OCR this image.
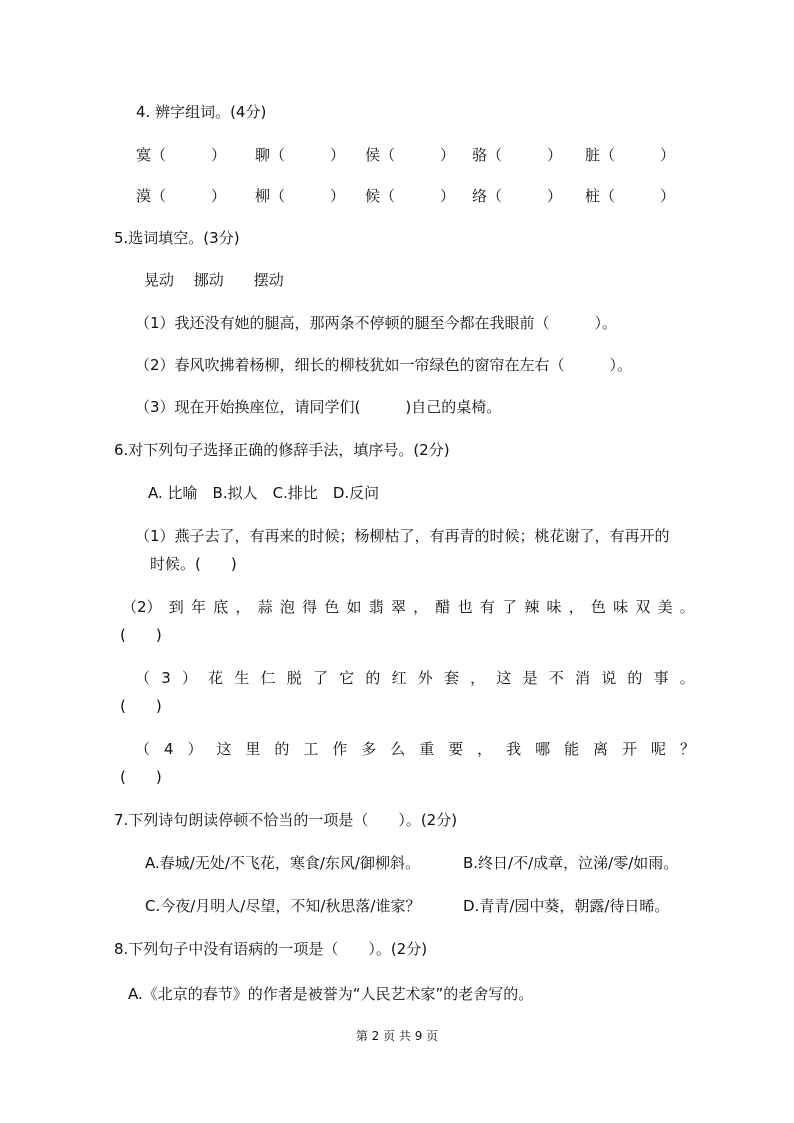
4. 辨字组词。(4分)
寞（　　　） 聊（　　　） 侯（　　　） 骆（　　　） 脏（　　　）
漠（　　　） 柳（　　　） 候（　　　） 络（　　　） 桩（　　　）
5.选词填空。(3分)
晃动　 挪动　　摆动
（1）我还没有她的腿高，那两条不停顿的腿至今都在我眼前（　　　）。
（2）春风吹拂着杨柳，细长的柳枝犹如一帘绿色的窗帘在左右（　　　）。
（3）现在开始换座位，请同学们(　　　)自己的桌椅。
6.对下列句子选择正确的修辞手法，填序号。(2分)
A. 比喻　B.拟人　C.排比　D.反问
（1）燕子去了，有再来的时候；杨柳枯了，有再青的时候；桃花谢了，有再开的
时候。(　　)
（2） 到 年 底 ， 蒜 泡 得 色 如 翡 翠 ， 醋 也 有 了 辣 味 ， 色 味 双 美 。
(　　)
（ 3 ） 花 生 仁 脱 了 它 的 红 外 套 ， 这 是 不 消 说 的 事 。
(　　)
（ 4 ） 这 里 的 工 作 多 么 重 要 ， 我 哪 能 离 开 呢 ？
(　　)
7.下列诗句朗读停顿不恰当的一项是（　　）。(2分)
A.春城/无处/不飞花，寒食/东风/御柳斜。	B.终日/不/成章，泣涕/零/如雨。
C.今夜/月明人/尽望，不知/秋思落/谁家？	D.青青/园中葵，朝露/待日晞。
8.下列句子中没有语病的一项是（　　）。(2分)
A.《北京的春节》的作者是被誉为“人民艺术家”的老舍写的。
第 2 页 共 9 页
